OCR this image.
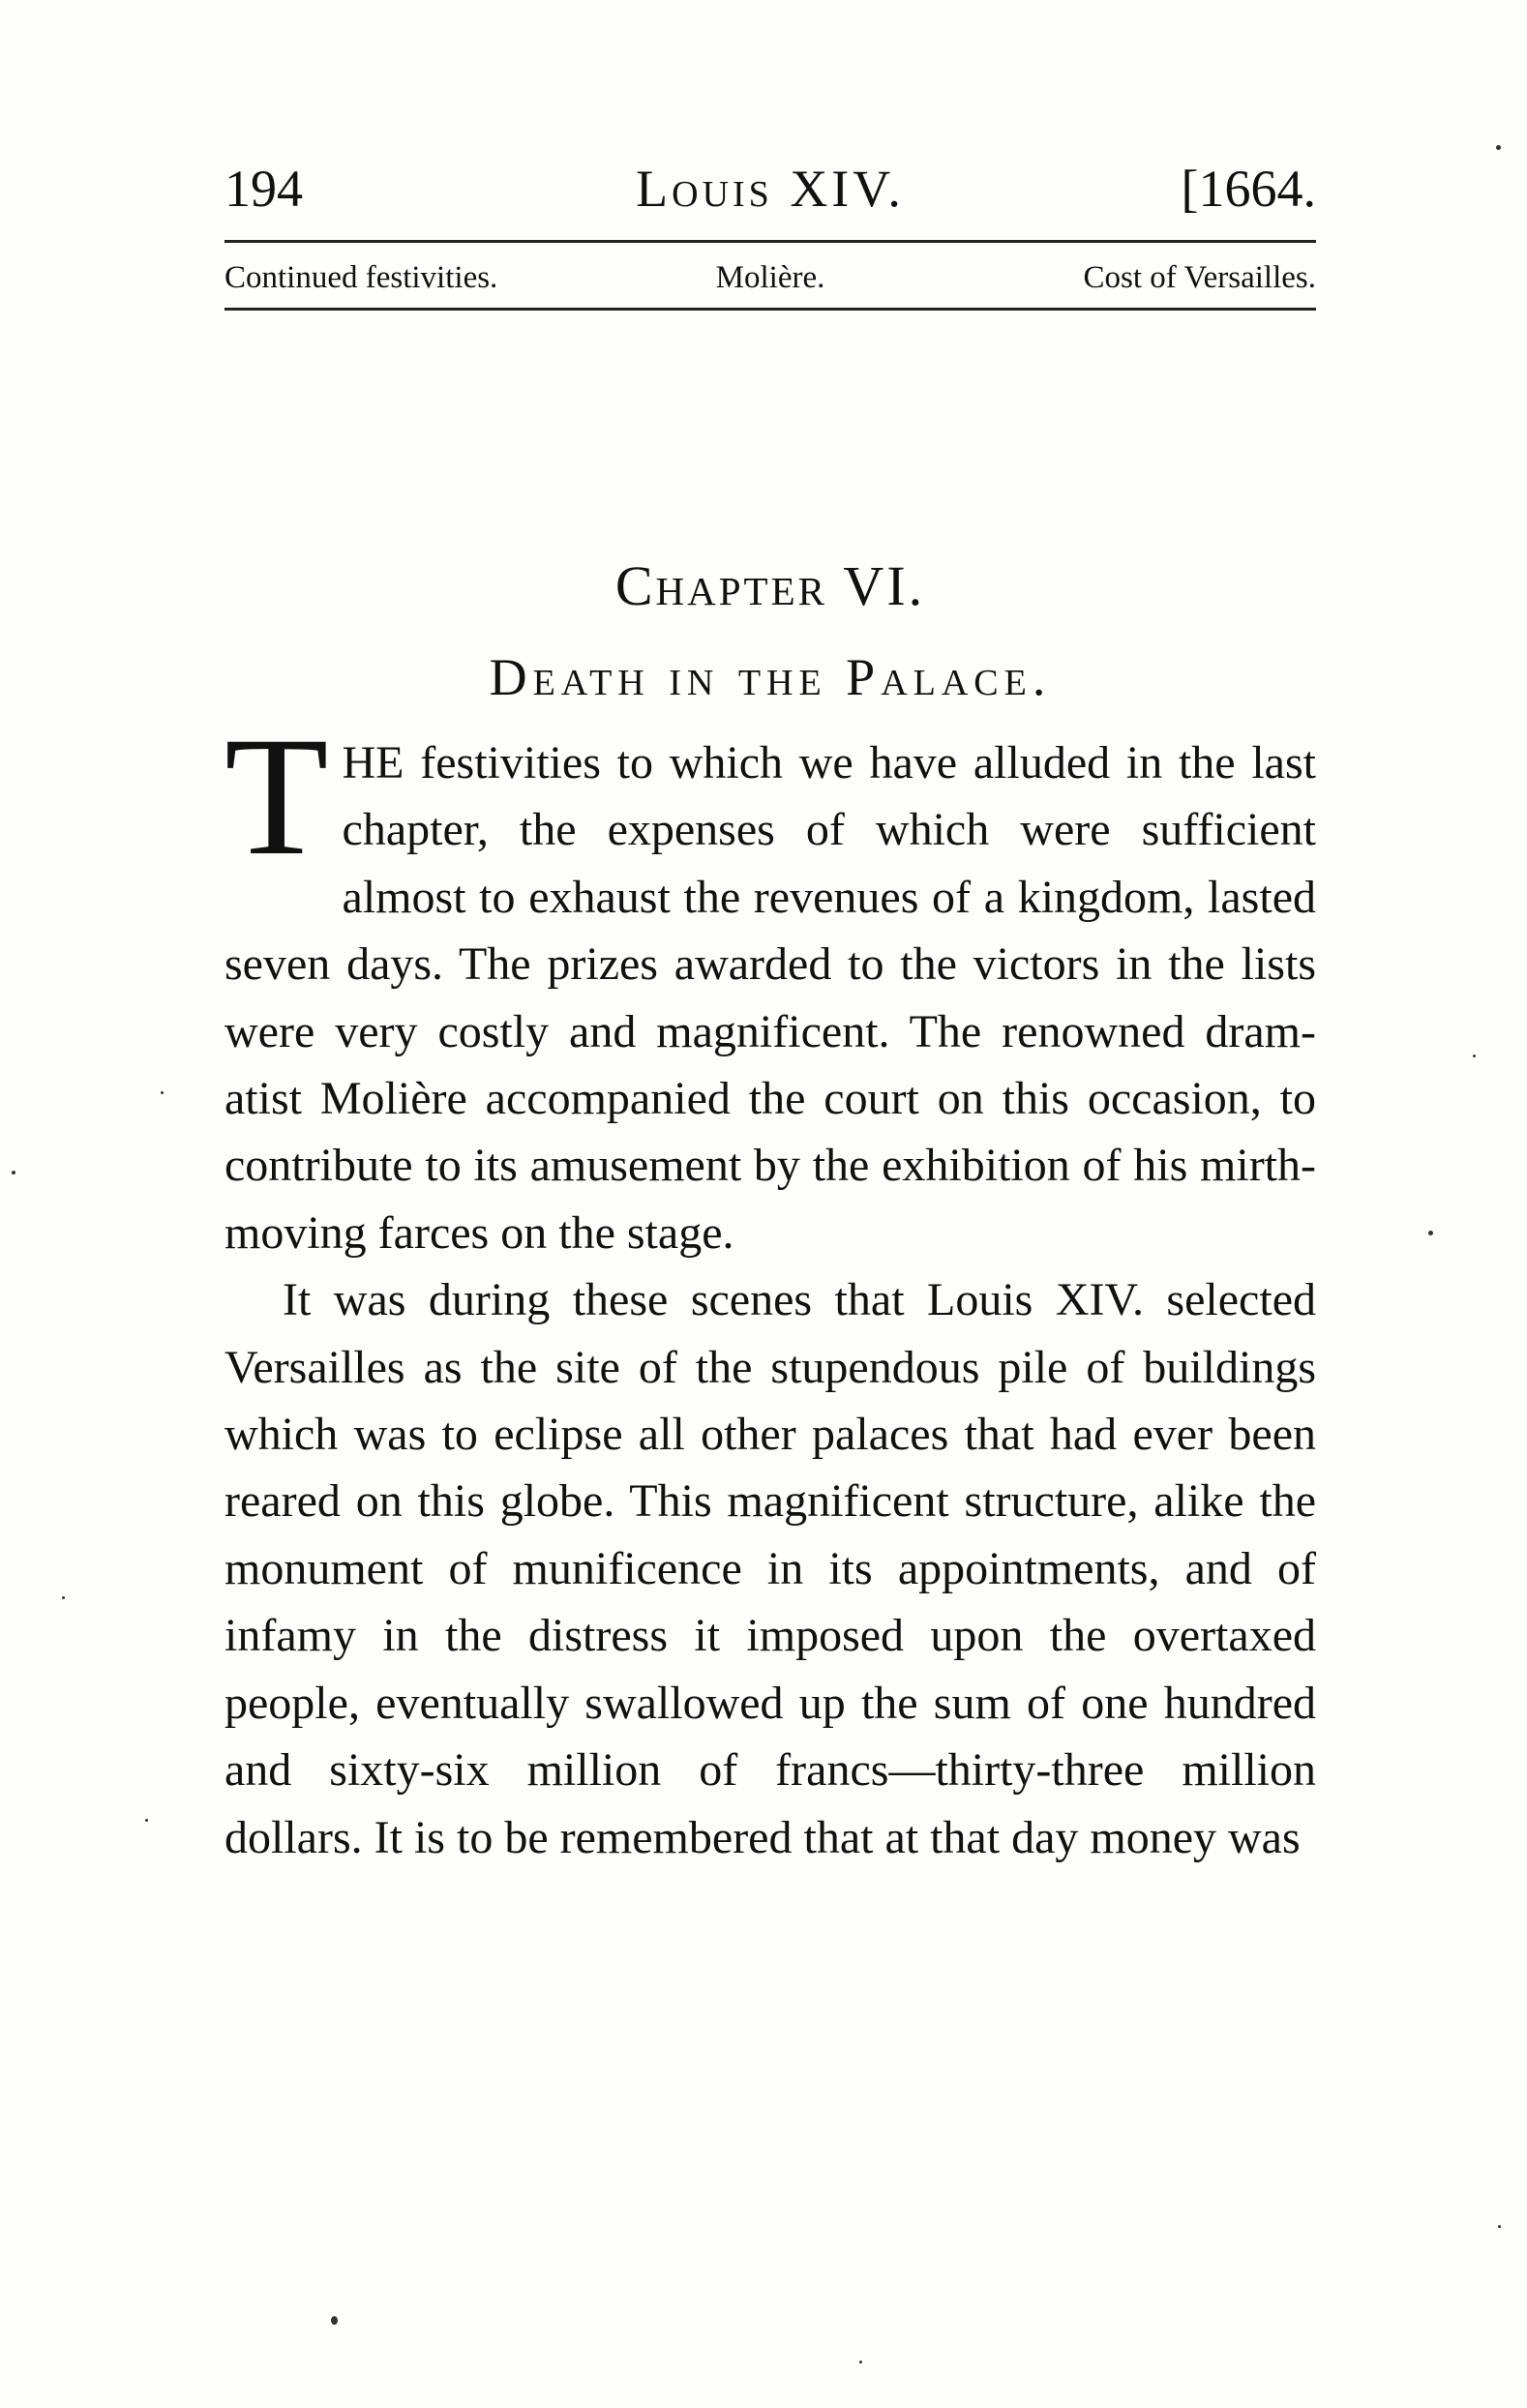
194	Louis XIV.	[1664.
Continued festivities.	Molière.	Cost of Versailles.
Chapter VI.
Death in the Palace.

THE festivities to which we have alluded in the last chapter, the expenses of which were sufficient almost to exhaust the revenues of a kingdom, lasted seven days. The prizes awarded to the victors in the lists were very costly and magnificent. The renowned dramatist Molière accompanied the court on this occasion, to contribute to its amusement by the exhibition of his mirth-moving farces on the stage.

It was during these scenes that Louis XIV. selected Versailles as the site of the stupendous pile of buildings which was to eclipse all other palaces that had ever been reared on this globe. This magnificent structure, alike the monument of munificence in its appointments, and of infamy in the distress it imposed upon the overtaxed people, eventually swallowed up the sum of one hundred and sixty-six million of francs—thirty-three million dollars. It is to be remembered that at that day money was
